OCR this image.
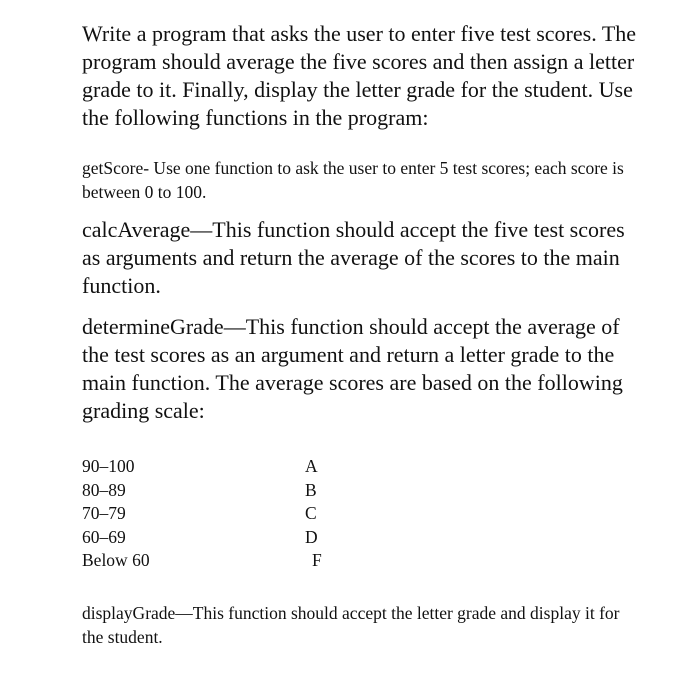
Write a program that asks the user to enter five test scores. The program should average the five scores and then assign a letter grade to it. Finally, display the letter grade for the student. Use the following functions in the program:

getScore- Use one function to ask the user to enter 5 test scores; each score is between 0 to 100.

calcAverage—This function should accept the five test scores as arguments and return the average of the scores to the main function.

determineGrade—This function should accept the average of the test scores as an argument and return a letter grade to the main function. The average scores are based on the following grading scale:

90–100	A
80–89	B
70–79	C
60–69	D
Below 60	F

displayGrade—This function should accept the letter grade and display it for the student.
